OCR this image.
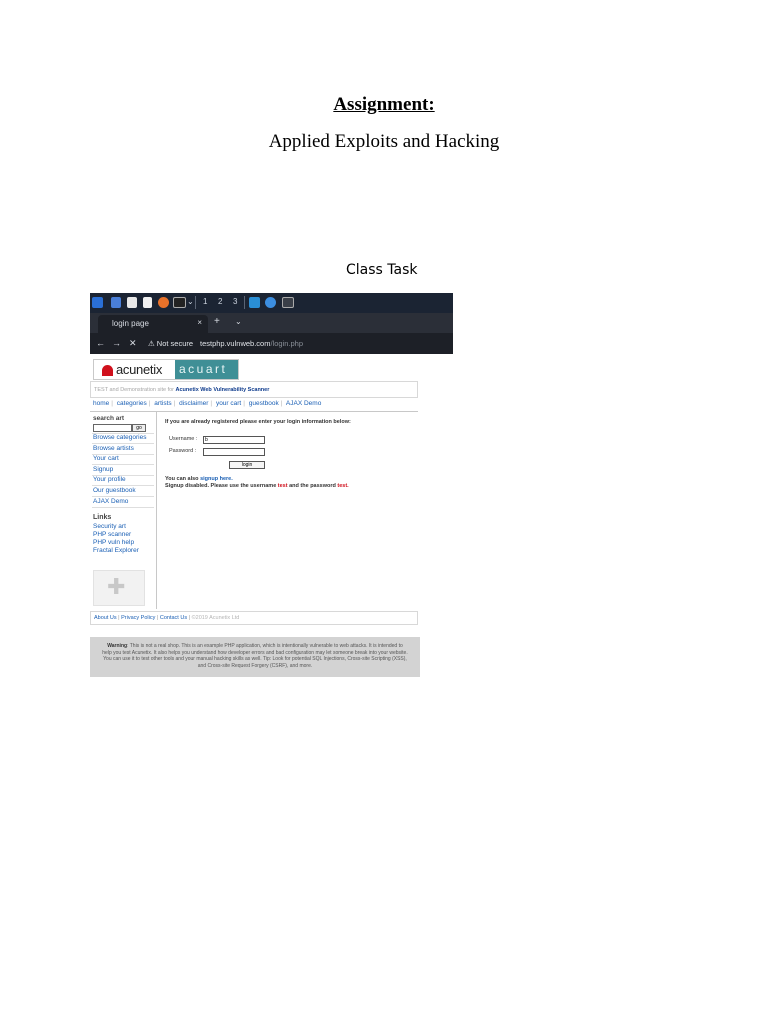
Assignment:
Applied Exploits and Hacking
Class Task
⌄ 1 2 3
login page	× + ⌄
← → ✕ ⚠ Not secure testphp.vulnweb.com/login.php
acunetix acuart
TEST and Demonstration site for Acunetix Web Vulnerability Scanner
home | categories | artists | disclaimer | your cart | guestbook | AJAX Demo
search art
go
Browse categories
Browse artists
Your cart
Signup
Your profile
Our guestbook
AJAX Demo
Links
Security art
PHP scanner
PHP vuln help
Fractal Explorer
✚
If you are already registered please enter your login information below:
Username :	b
Password :
login
You can also signup here.
Signup disabled. Please use the username test and the password test.
About Us | Privacy Policy | Contact Us | ©2019 Acunetix Ltd
Warning: This is not a real shop. This is an example PHP application, which is intentionally vulnerable to web attacks. It is intended to help you test Acunetix. It also helps you understand how developer errors and bad configuration may let someone break into your website. You can use it to test other tools and your manual hacking skills as well. Tip: Look for potential SQL Injections, Cross-site Scripting (XSS), and Cross-site Request Forgery (CSRF), and more.
